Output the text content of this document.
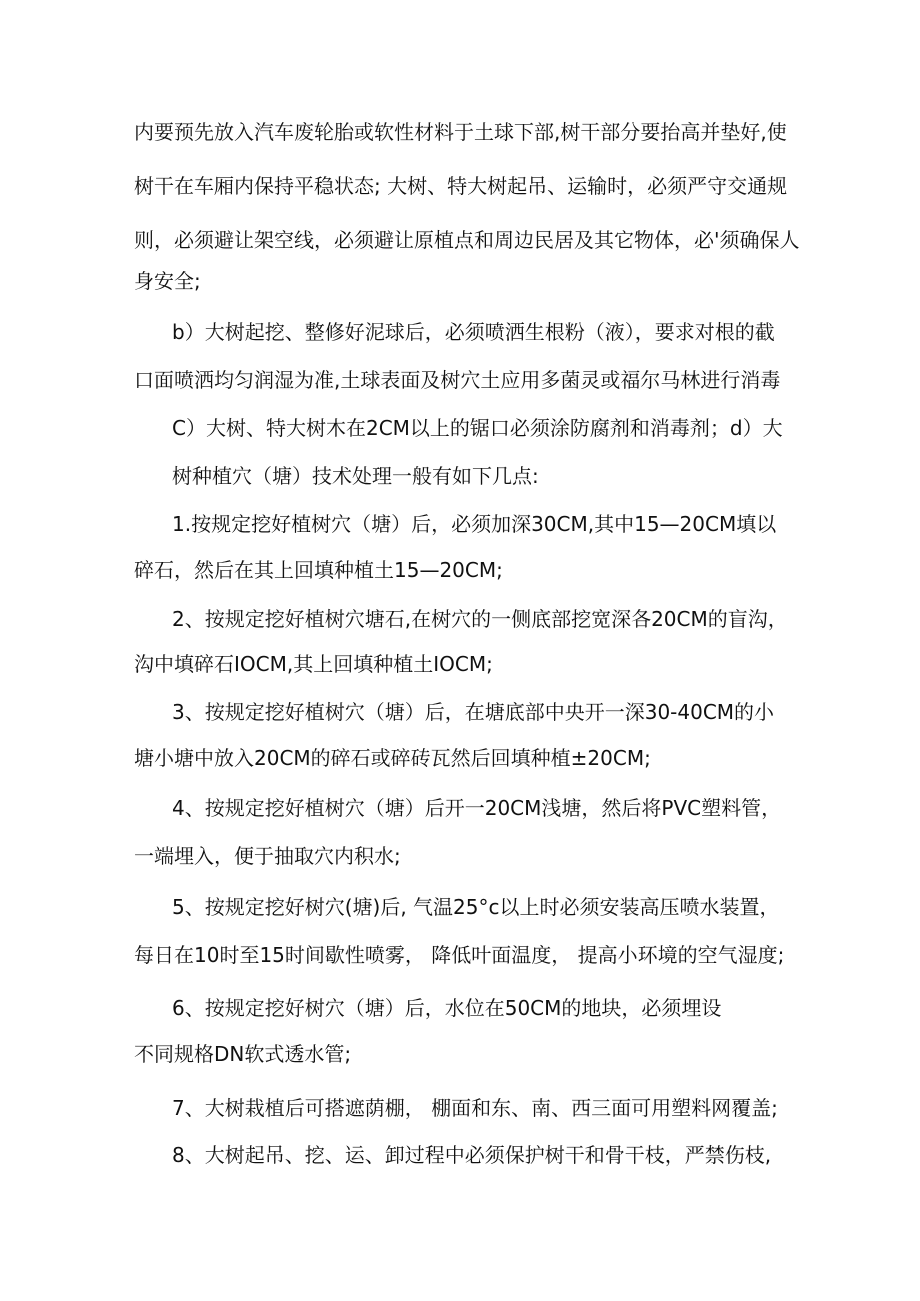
内要预先放入汽车废轮胎或软性材料于土球下部,树干部分要抬高并垫好,使
树干在车厢内保持平稳状态; 大树、特大树起吊、运输时，必须严守交通规
则，必须避让架空线，必须避让原植点和周边民居及其它物体，必'须确保人
身安全;
b）大树起挖、整修好泥球后，必须喷洒生根粉（液），要求对根的截
口面喷洒均匀润湿为准,土球表面及树穴土应用多菌灵或福尔马林进行消毒
C）大树、特大树木在2CM以上的锯口必须涂防腐剂和消毒剂；d）大
树种植穴（塘）技术处理一般有如下几点:
1.按规定挖好植树穴（塘）后，必须加深30CM,其中15—20CM填以
碎石，然后在其上回填种植土15—20CM;
2、按规定挖好植树穴塘石,在树穴的一侧底部挖宽深各20CM的盲沟，
沟中填碎石IOCM,其上回填种植土IOCM;
3、按规定挖好植树穴（塘）后，在塘底部中央开一深30-40CM的小
塘小塘中放入20CM的碎石或碎砖瓦然后回填种植±20CM;
4、按规定挖好植树穴（塘）后开一20CM浅塘，然后将PVC塑料管，
一端埋入，便于抽取穴内积水;
5、按规定挖好树穴(塘)后, 气温25°c以上时必须安装高压喷水装置，
每日在10时至15时间歇性喷雾， 降低叶面温度， 提高小环境的空气湿度;
6、按规定挖好树穴（塘）后，水位在50CM的地块，必须埋设
不同规格DN软式透水管;
7、大树栽植后可搭遮荫棚， 棚面和东、南、西三面可用塑料网覆盖;
8、大树起吊、挖、运、卸过程中必须保护树干和骨干枝，严禁伤枝,
